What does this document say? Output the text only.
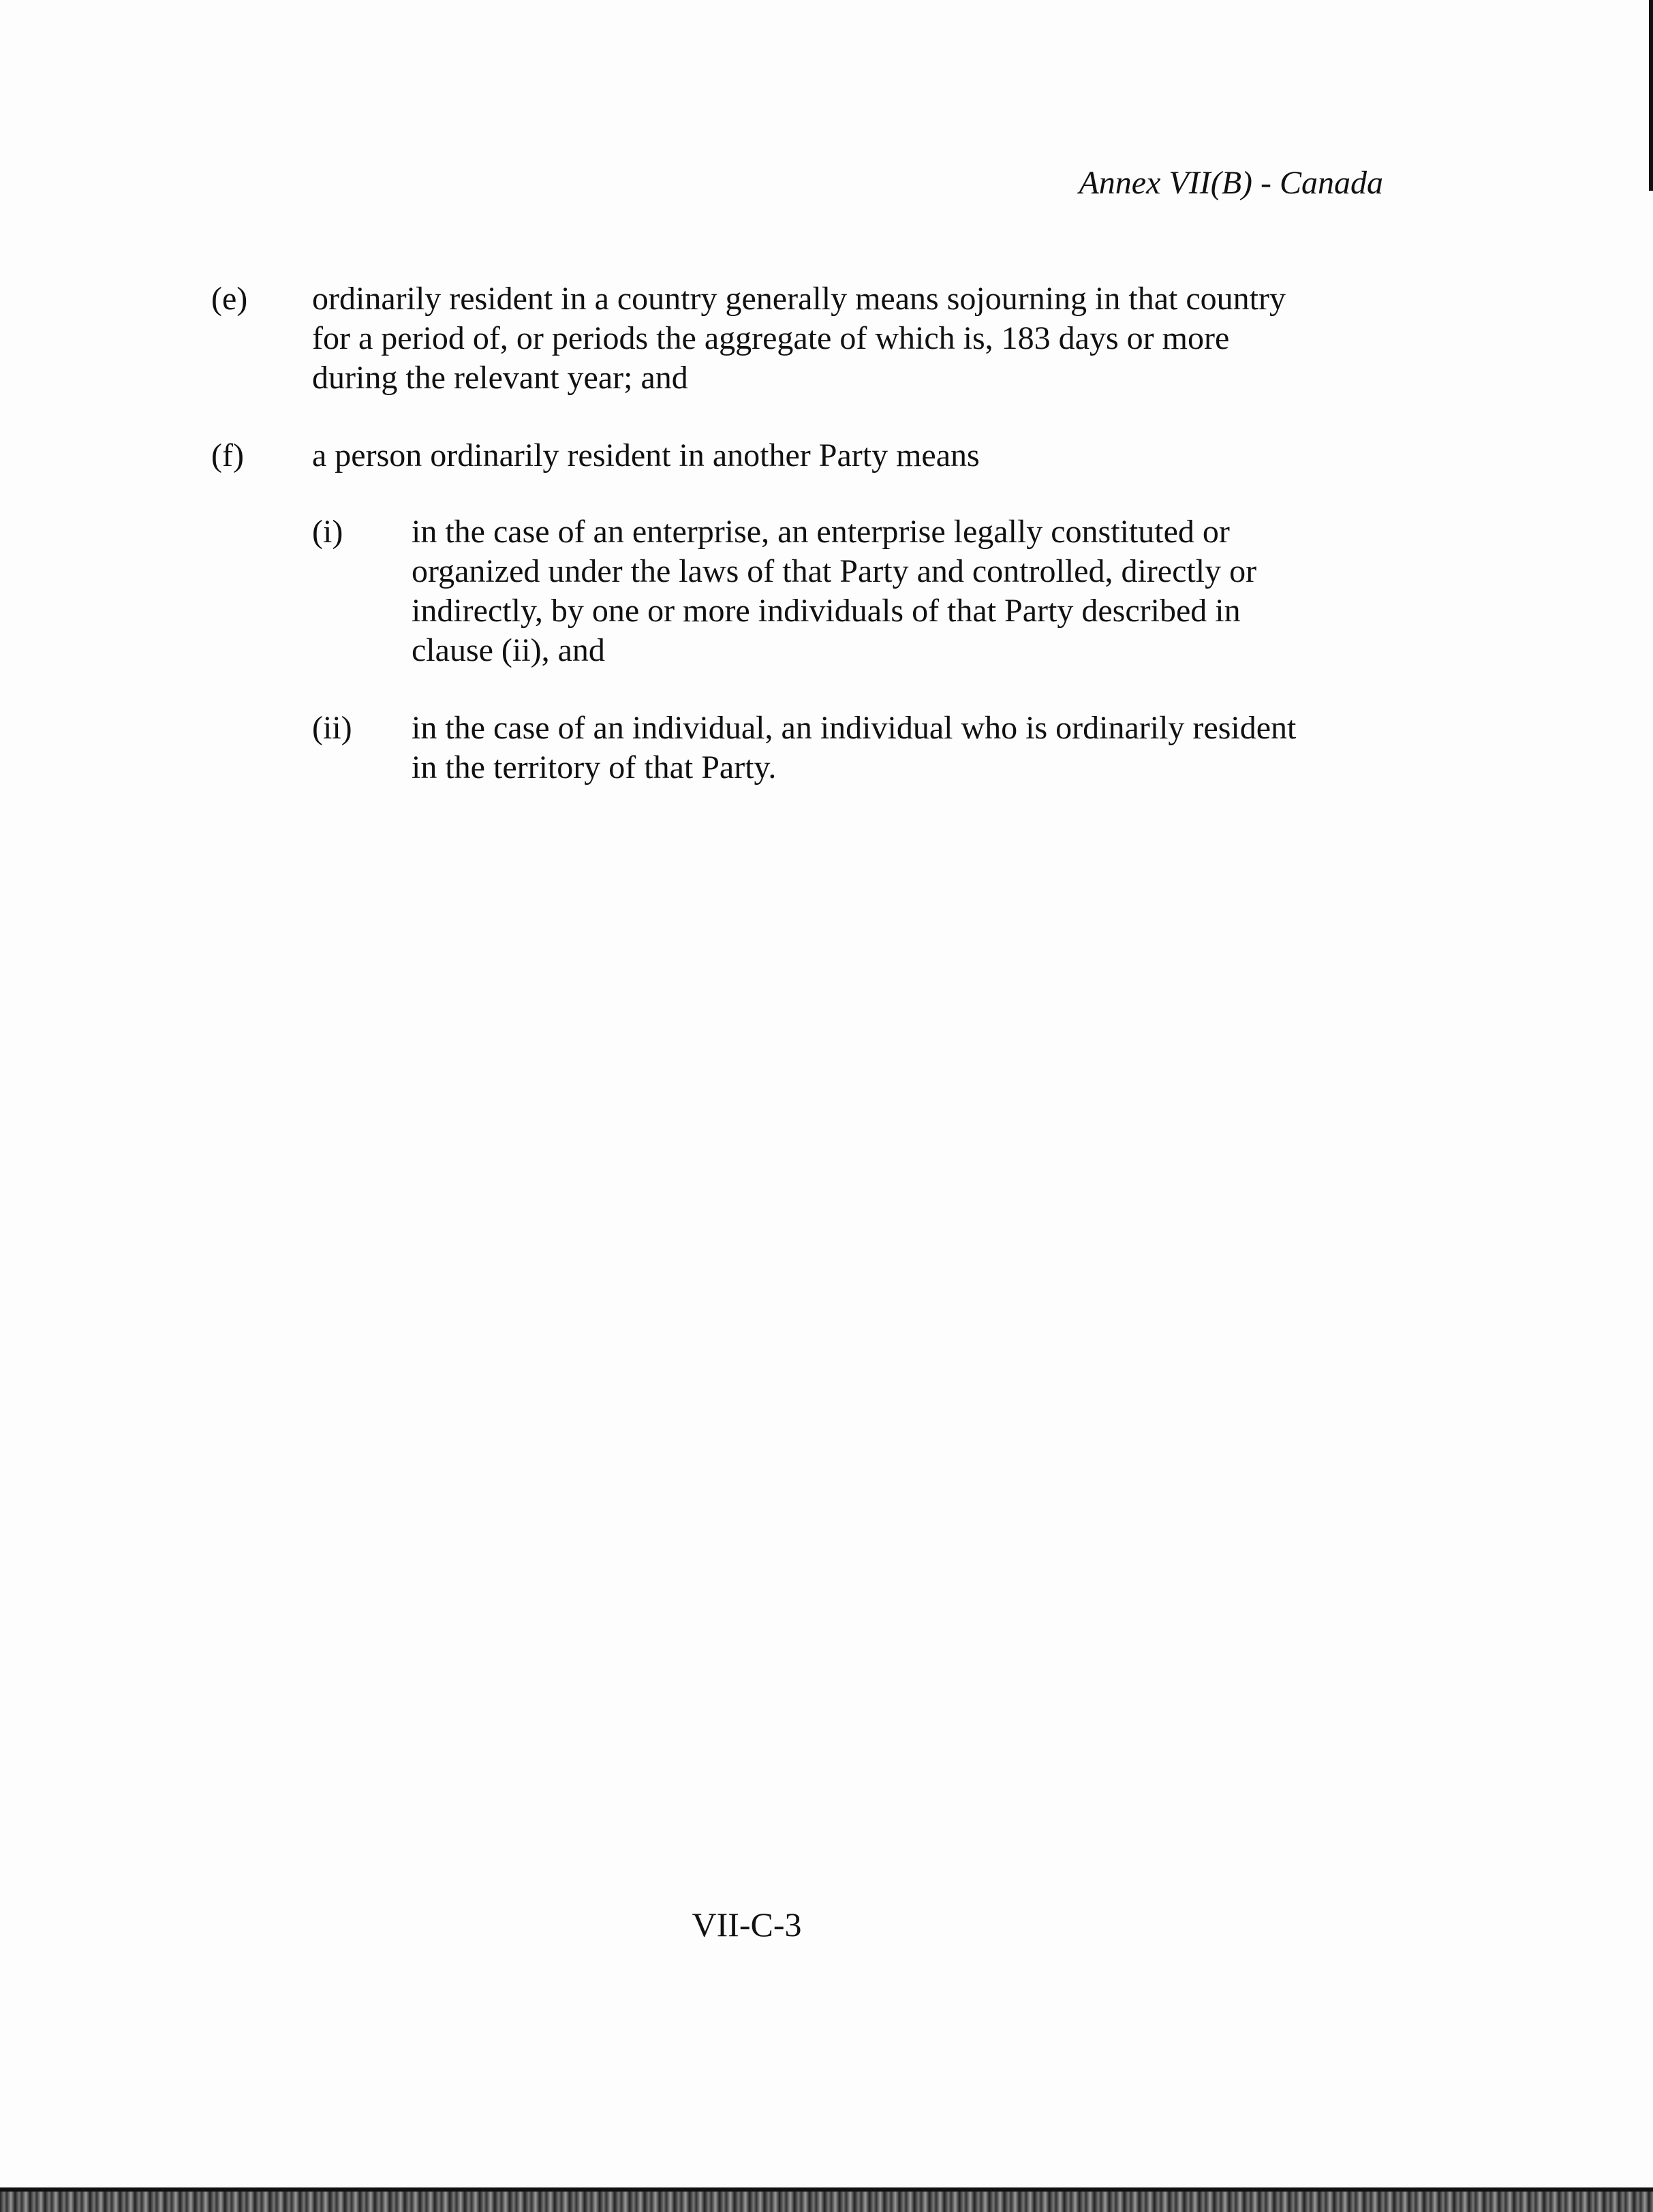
Annex VII(B) - Canada
(e) ordinarily resident in a country generally means sojourning in that country
for a period of, or periods the aggregate of which is, 183 days or more
during the relevant year; and
(f) a person ordinarily resident in another Party means
(i) in the case of an enterprise, an enterprise legally constituted or
organized under the laws of that Party and controlled, directly or
indirectly, by one or more individuals of that Party described in
clause (ii), and
(ii) in the case of an individual, an individual who is ordinarily resident
in the territory of that Party.
VII-C-3
